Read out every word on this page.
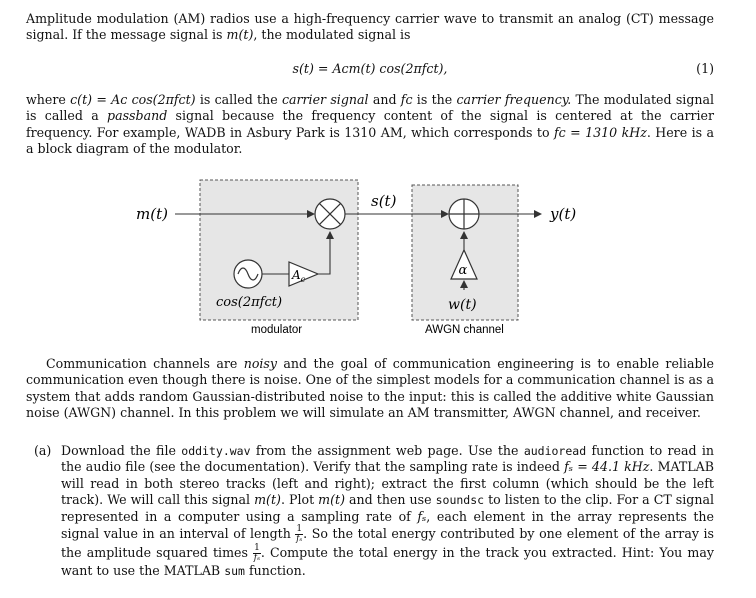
Amplitude modulation (AM) radios use a high-frequency carrier wave to transmit an analog (CT) message signal. If the message signal is m(t), the modulated signal is
s(t) = Aᴄm(t) cos(2πfᴄt),	(1)
where c(t) = Aᴄ cos(2πfᴄt) is called the carrier signal and fᴄ is the carrier frequency. The modulated signal is called a passband signal because the frequency content of the signal is centered at the carrier frequency. For example, WADB in Asbury Park is 1310 AM, which corresponds to fᴄ = 1310 kHz. Here is a a block diagram of the modulator.
m(t)
s(t)
y(t)
$A_c$
cos(2πfᴄt)
α
w(t)
modulator	AWGN channel
Communication channels are noisy and the goal of communication engineering is to enable reliable communication even though there is noise. One of the simplest models for a communication channel is as a system that adds random Gaussian-distributed noise to the input: this is called the additive white Gaussian noise (AWGN) channel. In this problem we will simulate an AM transmitter, AWGN channel, and receiver.
(a) Download the file oddity.wav from the assignment web page. Use the audioread function to read in the audio file (see the documentation). Verify that the sampling rate is indeed fₛ = 44.1 kHz. MATLAB will read in both stereo tracks (left and right); extract the first column (which should be the left track). We will call this signal m(t). Plot m(t) and then use soundsc to listen to the clip. For a CT signal represented in a computer using a sampling rate of fₛ, each element in the array represents the signal value in an interval of length $\frac{1}{\text{fₛ}}$ . So the total energy contributed by one element of the array is the amplitude squared times $\frac{1}{\text{fₛ}}$ . Compute the total energy in the track you extracted. Hint: You may want to use the MATLAB sum function.
